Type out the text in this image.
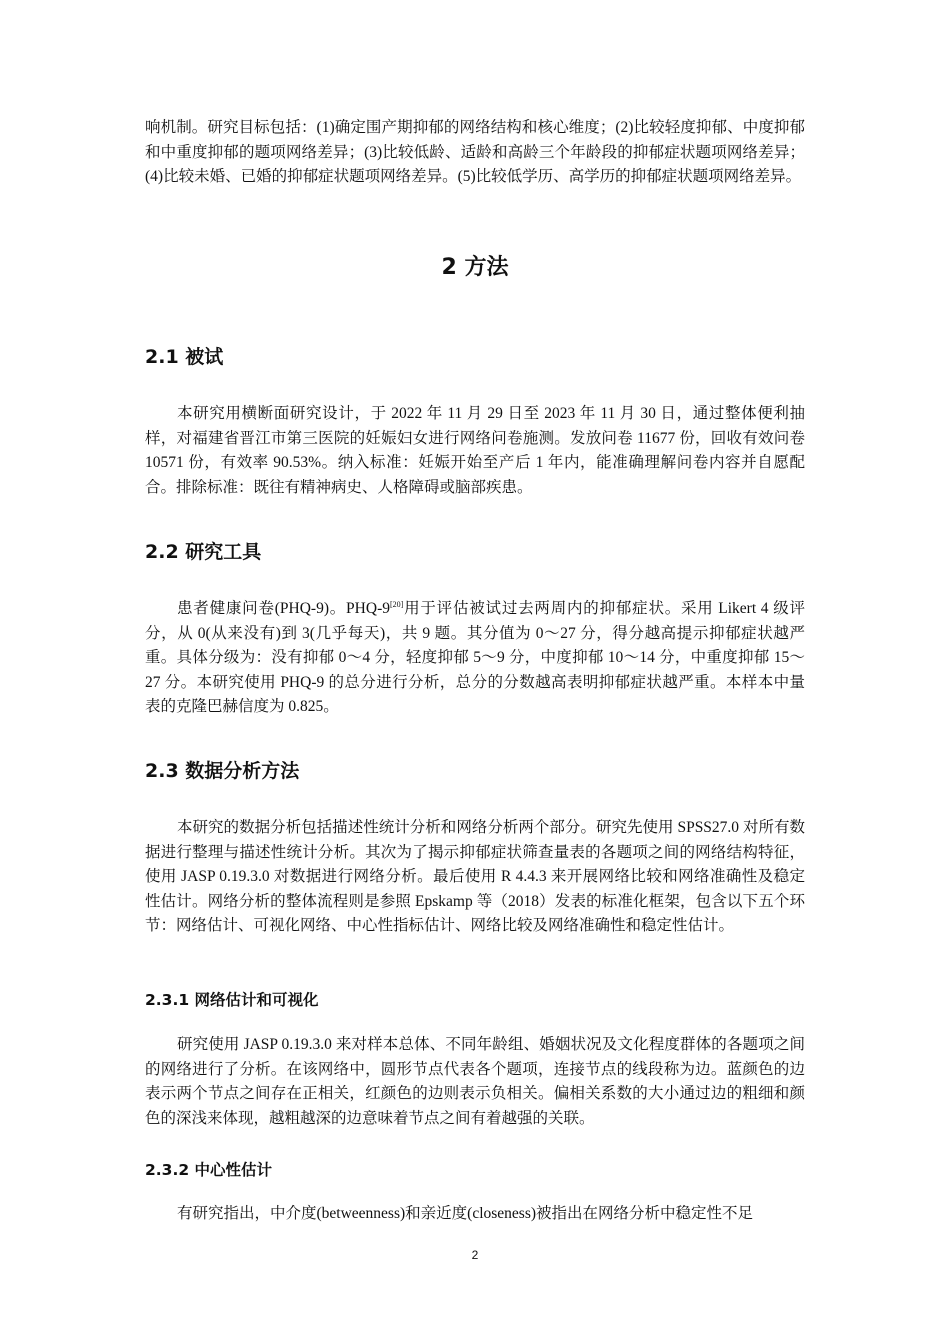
响机制。研究目标包括：(1)确定围产期抑郁的网络结构和核心维度；(2)比较轻度抑郁、中度抑郁和中重度抑郁的题项网络差异；(3)比较低龄、适龄和高龄三个年龄段的抑郁症状题项网络差异；(4)比较未婚、已婚的抑郁症状题项网络差异。(5)比较低学历、高学历的抑郁症状题项网络差异。

2 方法
2.1 被试

本研究用横断面研究设计，于 2022 年 11 月 29 日至 2023 年 11 月 30 日，通过整体便利抽样，对福建省晋江市第三医院的妊娠妇女进行网络问卷施测。发放问卷 11677 份，回收有效问卷 10571 份，有效率 90.53%。纳入标准：妊娠开始至产后 1 年内，能准确理解问卷内容并自愿配合。排除标准：既往有精神病史、人格障碍或脑部疾患。

2.2 研究工具

患者健康问卷(PHQ-9)。PHQ-9[20]用于评估被试过去两周内的抑郁症状。采用 Likert 4 级评分，从 0(从来没有)到 3(几乎每天)，共 9 题。其分值为 0～27 分，得分越高提示抑郁症状越严重。具体分级为：没有抑郁 0～4 分，轻度抑郁 5～9 分，中度抑郁 10～14 分，中重度抑郁 15～27 分。本研究使用 PHQ-9 的总分进行分析，总分的分数越高表明抑郁症状越严重。本样本中量表的克隆巴赫信度为 0.825。

2.3 数据分析方法

本研究的数据分析包括描述性统计分析和网络分析两个部分。研究先使用 SPSS27.0 对所有数据进行整理与描述性统计分析。其次为了揭示抑郁症状筛查量表的各题项之间的网络结构特征，使用 JASP 0.19.3.0 对数据进行网络分析。最后使用 R 4.4.3 来开展网络比较和网络准确性及稳定性估计。网络分析的整体流程则是参照 Epskamp 等（2018）发表的标准化框架，包含以下五个环节：网络估计、可视化网络、中心性指标估计、网络比较及网络准确性和稳定性估计。

2.3.1 网络估计和可视化

研究使用 JASP 0.19.3.0 来对样本总体、不同年龄组、婚姻状况及文化程度群体的各题项之间的网络进行了分析。在该网络中，圆形节点代表各个题项，连接节点的线段称为边。蓝颜色的边表示两个节点之间存在正相关，红颜色的边则表示负相关。偏相关系数的大小通过边的粗细和颜色的深浅来体现，越粗越深的边意味着节点之间有着越强的关联。

2.3.2 中心性估计

有研究指出，中介度(betweenness)和亲近度(closeness)被指出在网络分析中稳定性不足

2
